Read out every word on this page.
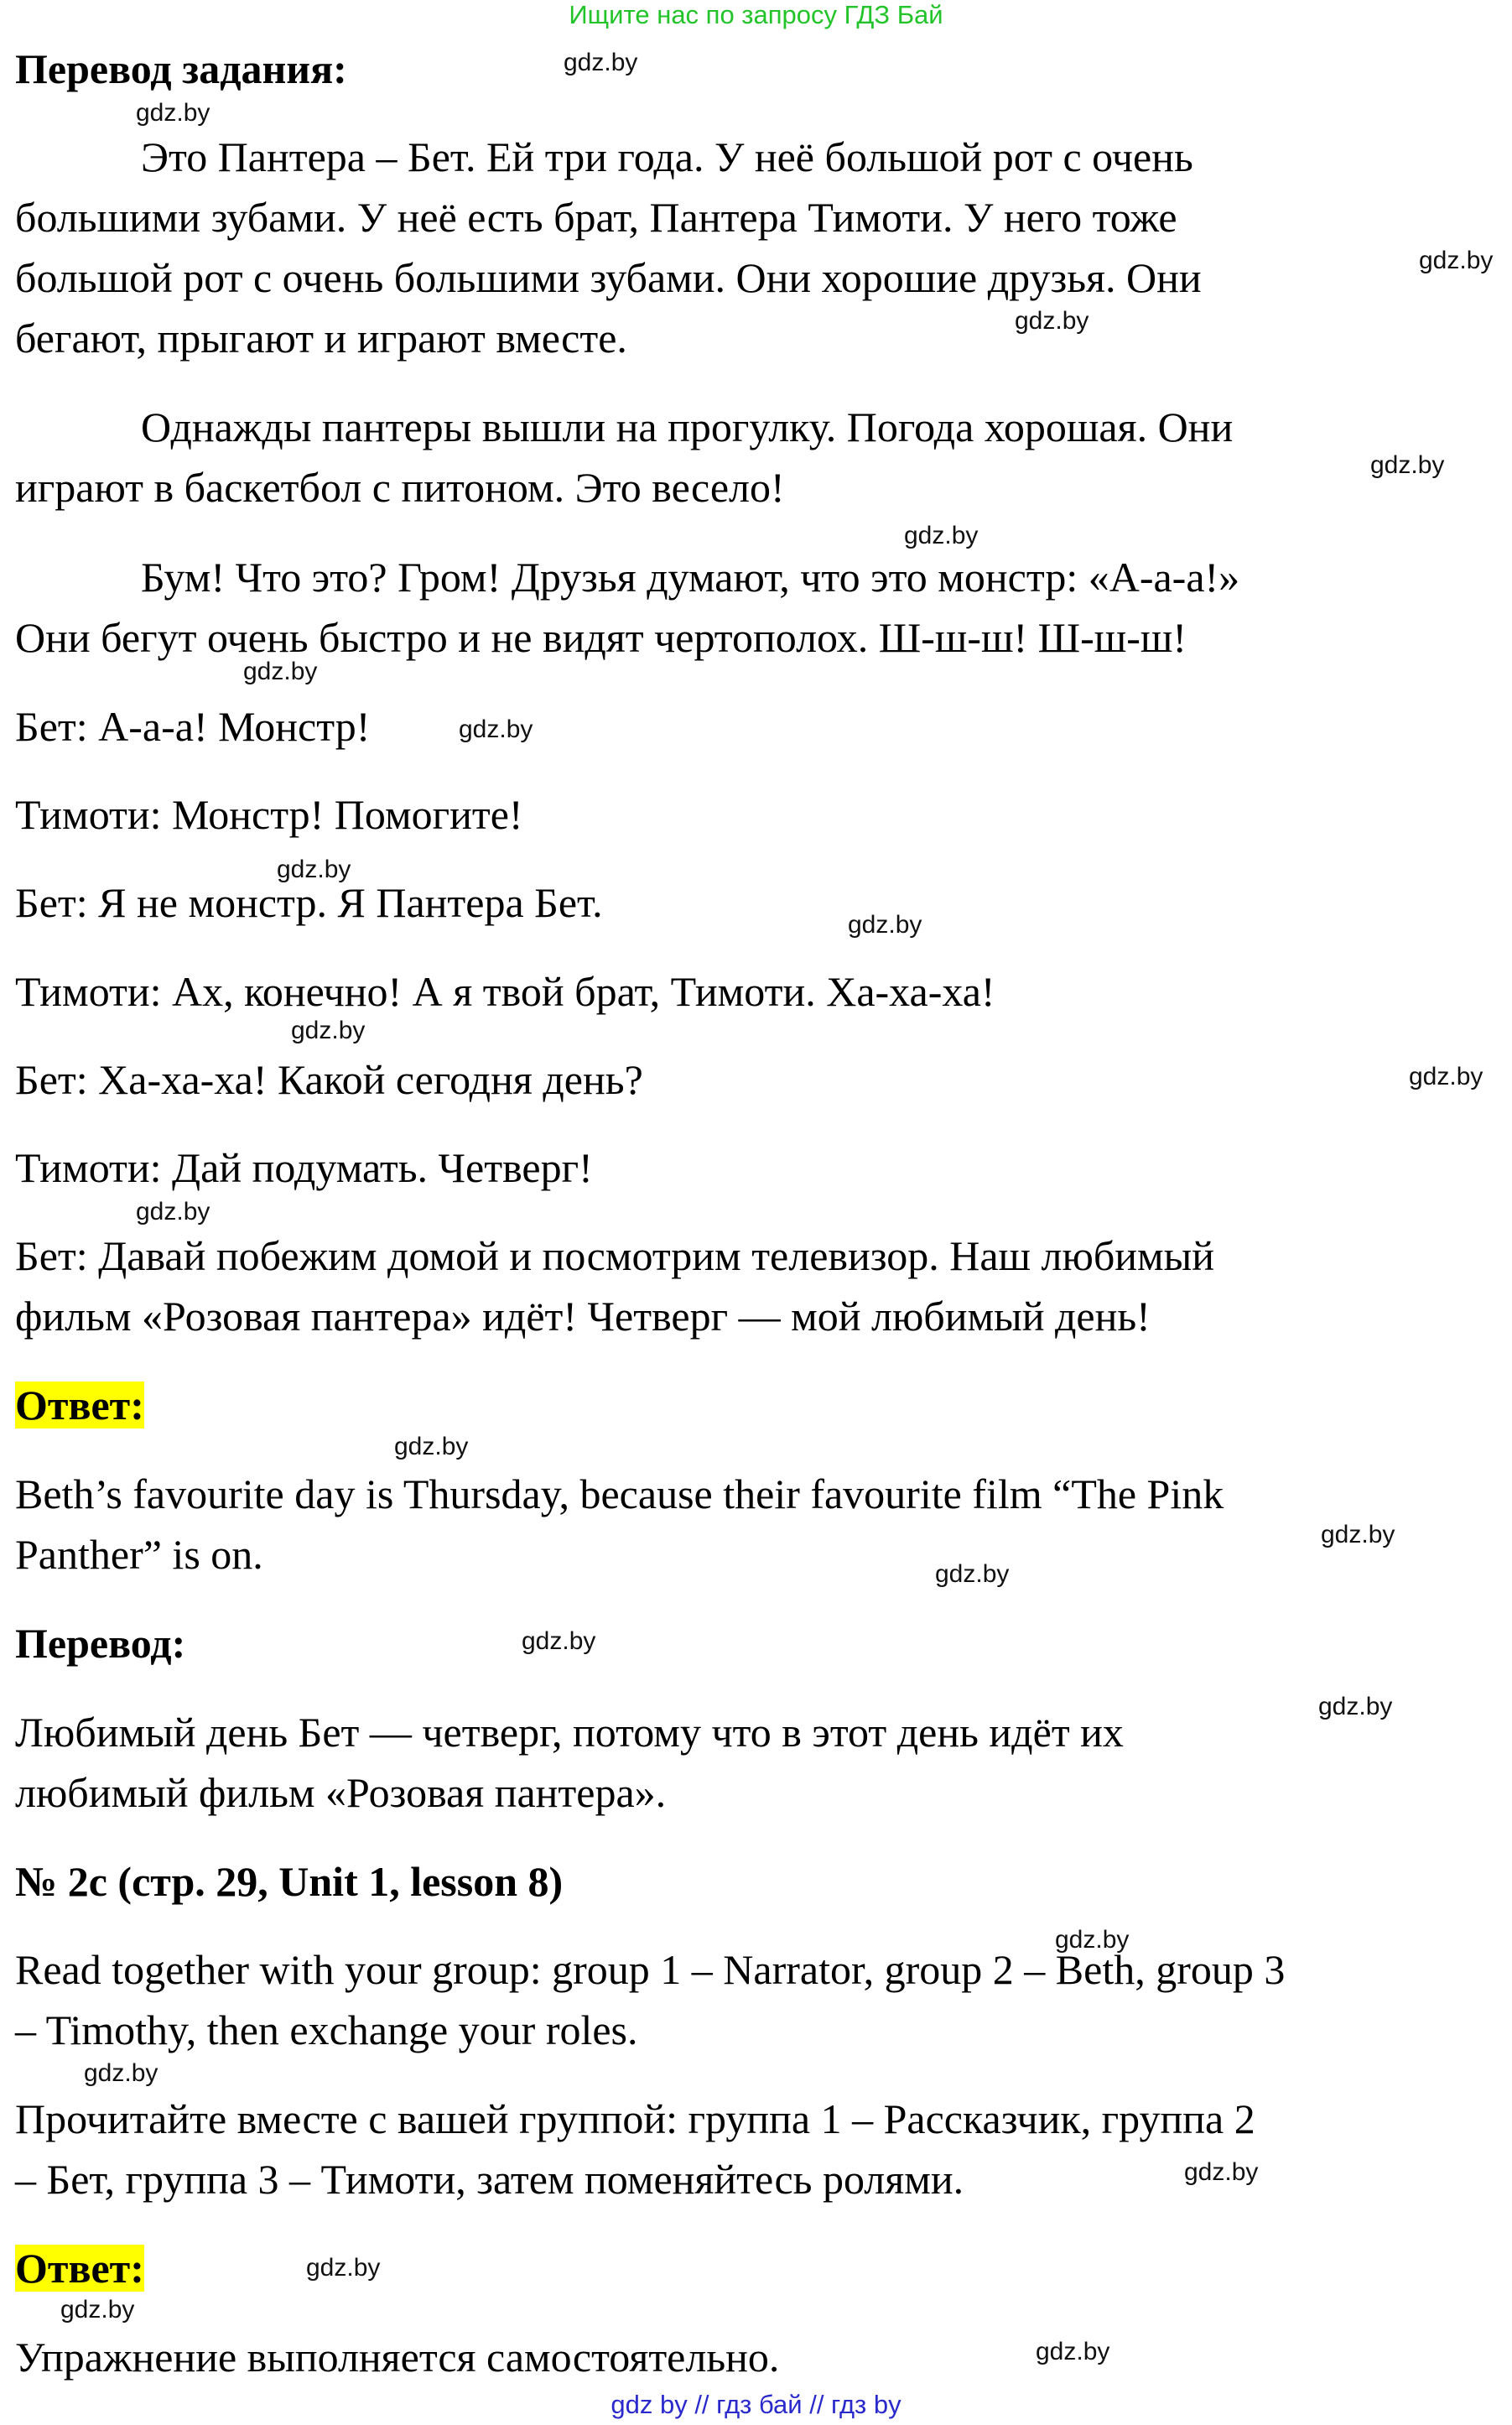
Ищите нас по запросу ГДЗ Бай

Перевод задания:

Это Пантера – Бет. Ей три года. У неё большой рот с очень

большими зубами. У неё есть брат, Пантера Тимоти. У него тоже

большой рот с очень большими зубами. Они хорошие друзья. Они

бегают, прыгают и играют вместе.

Однажды пантеры вышли на прогулку. Погода хорошая. Они

играют в баскетбол с питоном. Это весело!

Бум! Что это? Гром! Друзья думают, что это монстр: «А-а-а!»

Они бегут очень быстро и не видят чертополох. Ш-ш-ш! Ш-ш-ш!

Бет: А-а-а! Монстр!

Тимоти: Монстр! Помогите!

Бет: Я не монстр. Я Пантера Бет.

Тимоти: Ах, конечно! А я твой брат, Тимоти. Ха-ха-ха!

Бет: Ха-ха-ха! Какой сегодня день?

Тимоти: Дай подумать. Четверг!

Бет: Давай побежим домой и посмотрим телевизор. Наш любимый

фильм «Розовая пантера» идёт! Четверг — мой любимый день!

Ответ:

Beth’s favourite day is Thursday, because their favourite film “The Pink

Panther” is on.

Перевод:

Любимый день Бет — четверг, потому что в этот день идёт их

любимый фильм «Розовая пантера».

№ 2c (стр. 29, Unit 1, lesson 8)

Read together with your group: group 1 – Narrator, group 2 – Beth, group 3

– Timothy, then exchange your roles.

Прочитайте вместе с вашей группой: группа 1 – Рассказчик, группа 2

– Бет, группа 3 – Тимоти, затем поменяйтесь ролями.

Ответ:

Упражнение выполняется самостоятельно.

gdz.by

gdz.by

gdz.by

gdz.by

gdz.by

gdz.by

gdz.by

gdz.by

gdz.by

gdz.by

gdz.by

gdz.by

gdz.by

gdz.by

gdz.by

gdz.by

gdz.by

gdz.by

gdz.by

gdz.by

gdz.by

gdz.by

gdz.by

gdz.by

gdz by // гдз бай // гдз by
